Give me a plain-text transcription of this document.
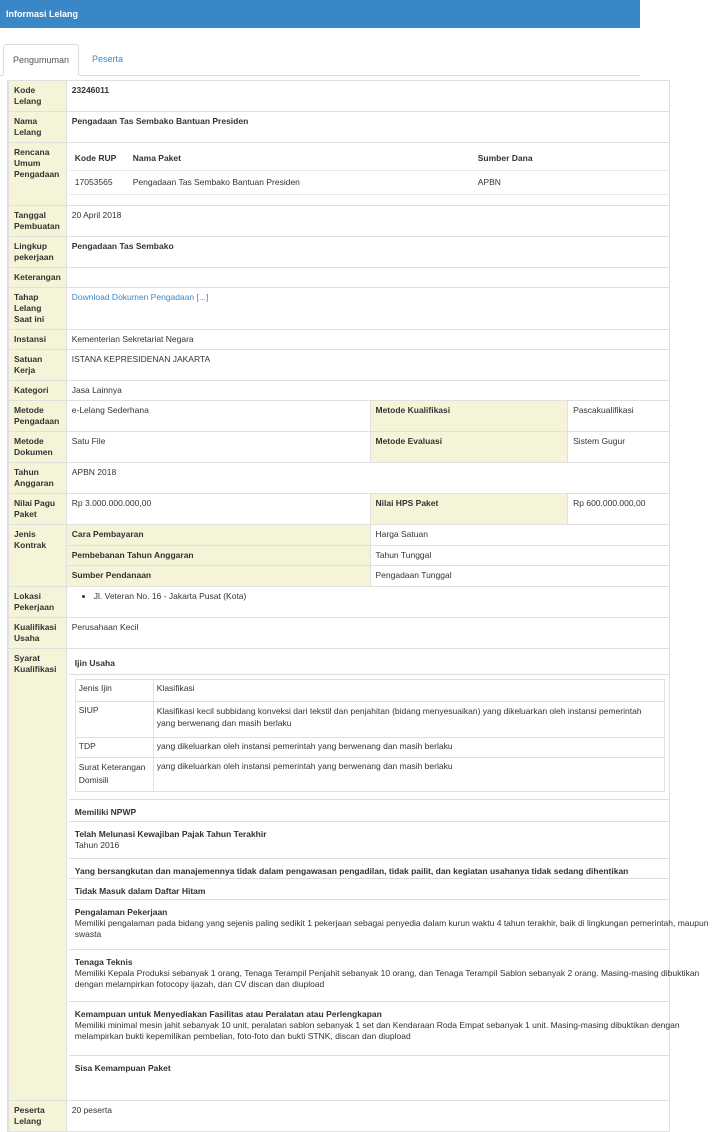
Informasi Lelang
Pengumuman	Peserta
Kode Lelang	23246011
Nama Lelang	Pengadaan Tas Sembako Bantuan Presiden
Rencana Umum Pengadaan	
Kode RUP	Nama Paket	Sumber Dana
17053565	Pengadaan Tas Sembako Bantuan Presiden	APBN

Tanggal Pembuatan	20 April 2018
Lingkup pekerjaan	Pengadaan Tas Sembako
Keterangan	
Tahap Lelang Saat ini	Download Dokumen Pengadaan [...]
Instansi	Kementerian Sekretariat Negara
Satuan Kerja	ISTANA KEPRESIDENAN JAKARTA
Kategori	Jasa Lainnya
Metode Pengadaan	e-Lelang Sederhana	Metode Kualifikasi	Pascakualifikasi
Metode Dokumen	Satu File	Metode Evaluasi	Sistem Gugur
Tahun Anggaran	APBN 2018
Nilai Pagu Paket	Rp 3.000.000.000,00	Nilai HPS Paket	Rp 600.000.000,00
Jenis Kontrak	Cara Pembayaran	Harga Satuan
Pembebanan Tahun Anggaran	Tahun Tunggal
Sumber Pendanaan	Pengadaan Tunggal
Lokasi Pekerjaan	
• Jl. Veteran No. 16 - Jakarta Pusat (Kota)

Kualifikasi Usaha	Perusahaan Kecil
Syarat Kualifikasi	
Ijin Usaha
Jenis Ijin	Klasifikasi
SIUP	Klasifikasi kecil subbidang konveksi dari tekstil dan penjahitan (bidang menyesuaikan) yang dikeluarkan oleh instansi pemerintah yang berwenang dan masih berlaku
TDP	yang dikeluarkan oleh instansi pemerintah yang berwenang dan masih berlaku
Surat Keterangan Domisili	yang dikeluarkan oleh instansi pemerintah yang berwenang dan masih berlaku
Memiliki NPWP
Telah Melunasi Kewajiban Pajak Tahun Terakhir
Tahun 2016
Yang bersangkutan dan manajemennya tidak dalam pengawasan pengadilan, tidak pailit, dan kegiatan usahanya tidak sedang dihentikan
Tidak Masuk dalam Daftar Hitam
Pengalaman Pekerjaan
Memiliki pengalaman pada bidang yang sejenis paling sedikit 1 pekerjaan sebagai penyedia dalam kurun waktu 4 tahun terakhir, baik di lingkungan pemerintah, maupun swasta
Tenaga Teknis
Memiliki Kepala Produksi sebanyak 1 orang, Tenaga Terampil Penjahit sebanyak 10 orang, dan Tenaga Terampil Sablon sebanyak 2 orang. Masing-masing dibuktikan dengan melampirkan fotocopy ijazah, dan CV discan dan diupload
Kemampuan untuk Menyediakan Fasilitas atau Peralatan atau Perlengkapan
Memiliki minimal mesin jahit sebanyak 10 unit, peralatan sablon sebanyak 1 set dan Kendaraan Roda Empat sebanyak 1 unit. Masing-masing dibuktikan dengan melampirkan bukti kepemilikan pembelian, foto-foto dan bukti STNK, discan dan diupload
Sisa Kemampuan Paket

Peserta Lelang	20 peserta
